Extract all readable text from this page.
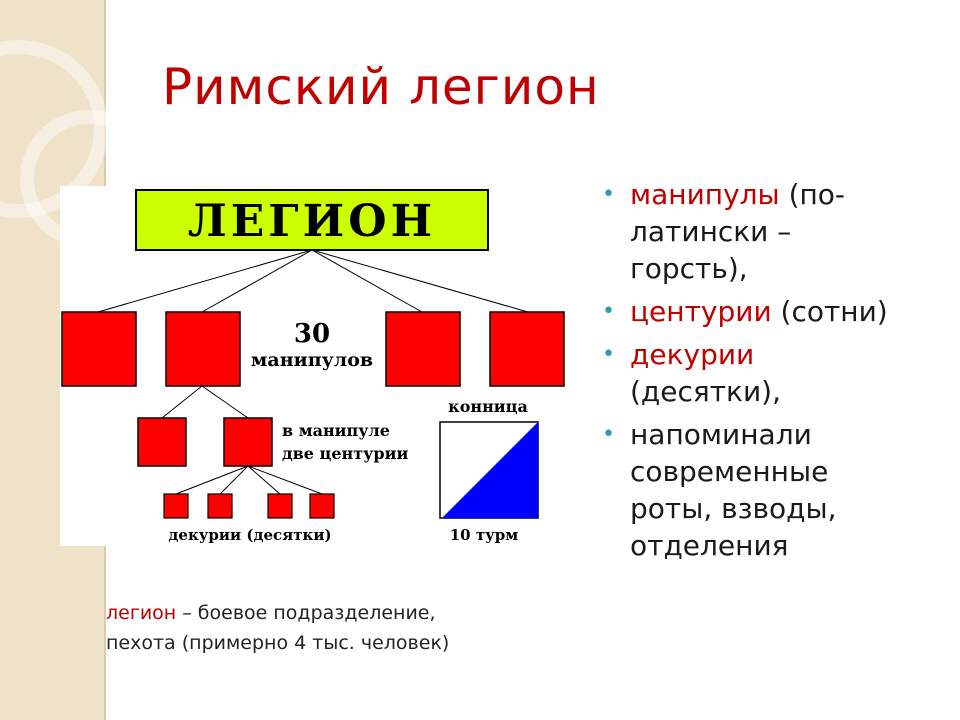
Римский легион
ЛЕГИОН
30
манипулов
в манипуле
две центурии
декурии (десятки)
конница
10 турм
• манипулы (по-латински – горсть),
• центурии (сотни)
• декурии (десятки),
• напоминали современные роты, взводы, отделения
легион – боевое подразделение,
пехота (примерно 4 тыс. человек)
